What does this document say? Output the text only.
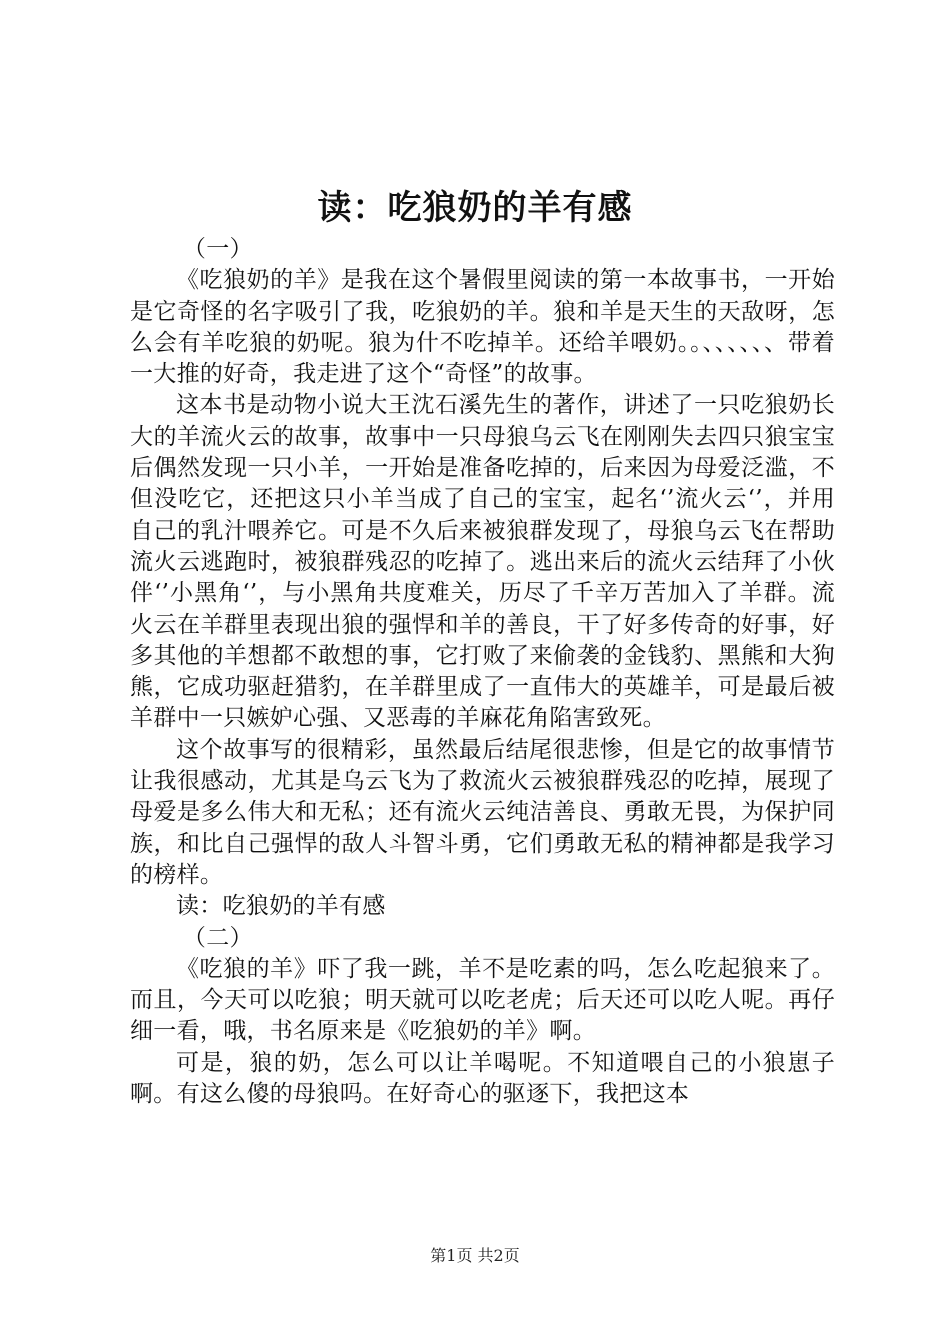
读：吃狼奶的羊有感

（一）

《吃狼奶的羊》是我在这个暑假里阅读的第一本故事书，一开始是它奇怪的名字吸引了我，吃狼奶的羊。狼和羊是天生的天敌呀，怎么会有羊吃狼的奶呢。狼为什不吃掉羊。还给羊喂奶。。、、、、、、带着一大推的好奇，我走进了这个“奇怪”的故事。

这本书是动物小说大王沈石溪先生的著作，讲述了一只吃狼奶长大的羊流火云的故事，故事中一只母狼乌云飞在刚刚失去四只狼宝宝后偶然发现一只小羊，一开始是准备吃掉的，后来因为母爱泛滥，不但没吃它，还把这只小羊当成了自己的宝宝，起名‘’流火云‘’，并用自己的乳汁喂养它。可是不久后来被狼群发现了，母狼乌云飞在帮助流火云逃跑时，被狼群残忍的吃掉了。逃出来后的流火云结拜了小伙伴‘’小黑角‘’，与小黑角共度难关，历尽了千辛万苦加入了羊群。流火云在羊群里表现出狼的强悍和羊的善良，干了好多传奇的好事，好多其他的羊想都不敢想的事，它打败了来偷袭的金钱豹、黑熊和大狗熊，它成功驱赶猎豹，在羊群里成了一直伟大的英雄羊，可是最后被羊群中一只嫉妒心强、又恶毒的羊麻花角陷害致死。

这个故事写的很精彩，虽然最后结尾很悲惨，但是它的故事情节让我很感动，尤其是乌云飞为了救流火云被狼群残忍的吃掉，展现了母爱是多么伟大和无私；还有流火云纯洁善良、勇敢无畏，为保护同族，和比自己强悍的敌人斗智斗勇，它们勇敢无私的精神都是我学习的榜样。

读：吃狼奶的羊有感

（二）

《吃狼的羊》吓了我一跳，羊不是吃素的吗，怎么吃起狼来了。而且，今天可以吃狼；明天就可以吃老虎；后天还可以吃人呢。再仔细一看，哦，书名原来是《吃狼奶的羊》啊。

可是，狼的奶，怎么可以让羊喝呢。不知道喂自己的小狼崽子啊。有这么傻的母狼吗。在好奇心的驱逐下，我把这本

第1页 共2页
